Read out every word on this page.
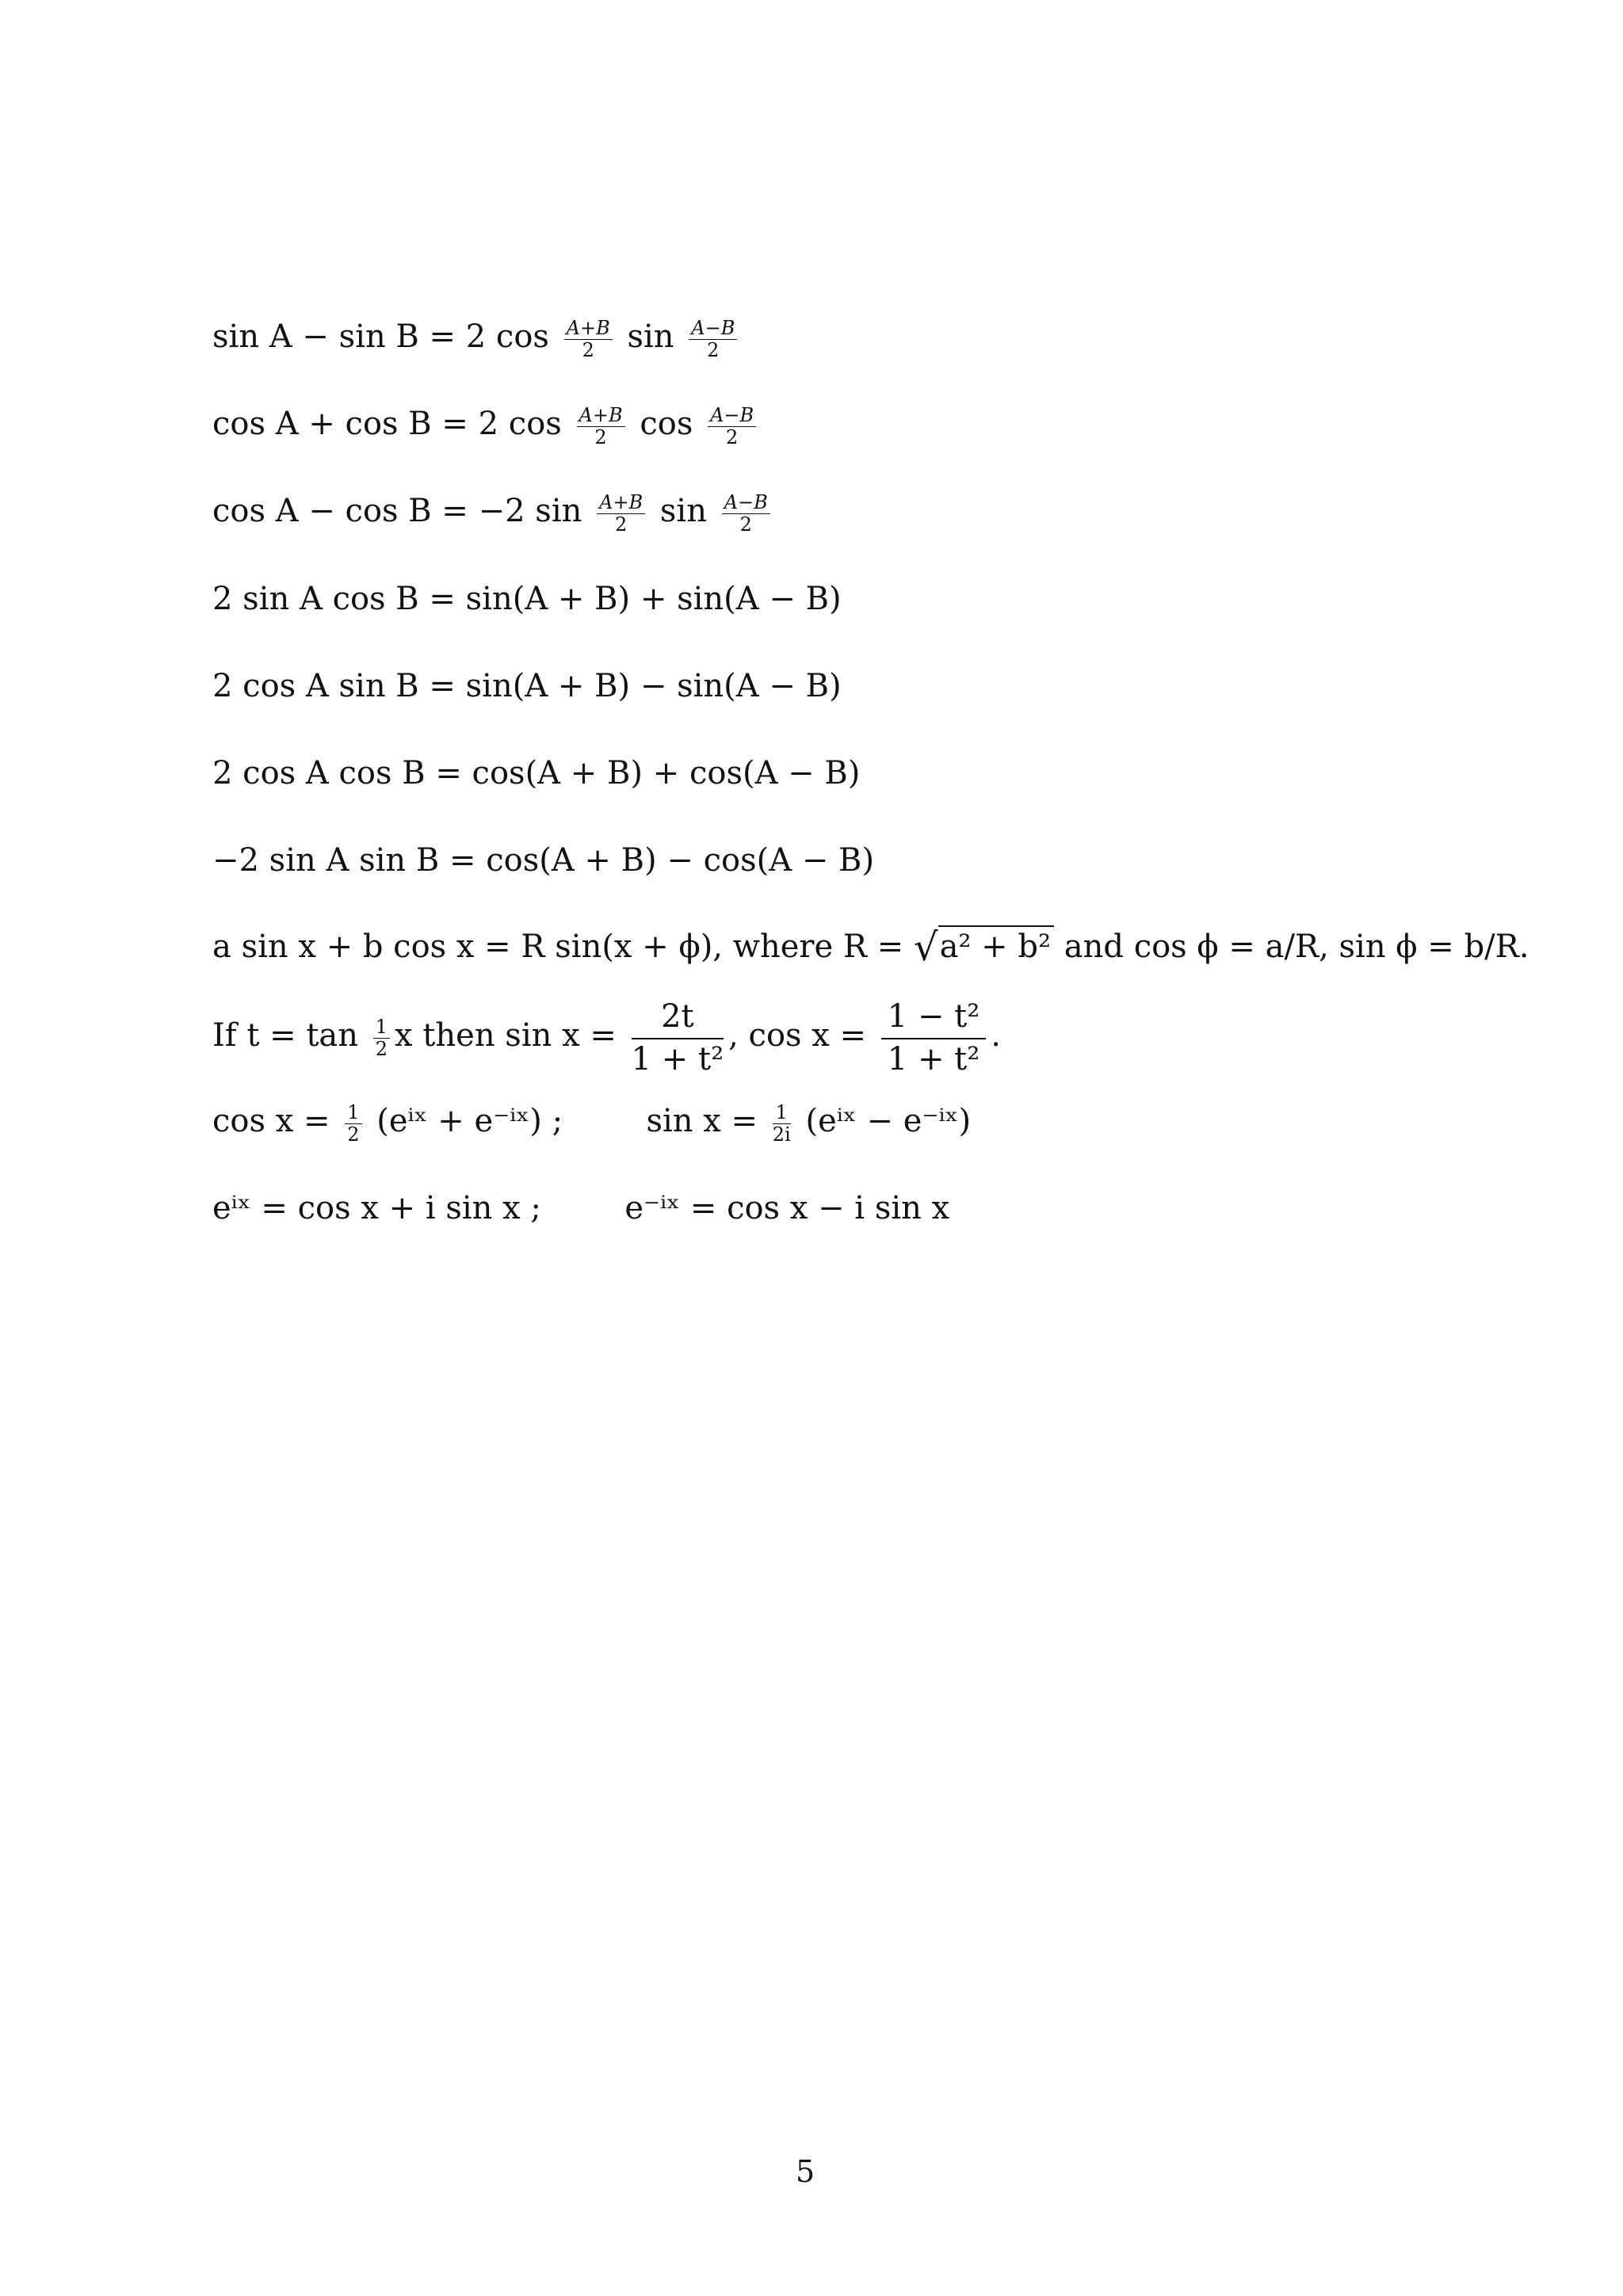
sin A − sin B = 2 $\cos \frac{A+B}{2}$ $\sin \frac{A-B}{2}$
cos A + cos B = 2 $\cos \frac{A+B}{2}$ $\cos \frac{A-B}{2}$
cos A − cos B = −2 $\sin \frac{A+B}{2}$ $\sin \frac{A-B}{2}$
2 sin A cos B = sin(A + B) + sin(A − B)
2 cos A sin B = sin(A + B) − sin(A − B)
2 cos A cos B = cos(A + B) + cos(A − B)
−2 sin A sin B = cos(A + B) − cos(A − B)
a sin x + b cos x = R sin(x + ϕ), where R = √a² + b² and cos ϕ = a/R, sin ϕ = b/R.
If $t = \tan \frac{1}{2}$ x then $\sin x = \frac{2t}{\text{1 + t²}}$ , $\cos x = \frac{\text{1 − t²}}{\text{1 + t²}}$ .
$\cos x = \frac{1}{2}$ (eⁱˣ + e⁻ⁱˣ) ;	$\sin x = \frac{1}{2i}$ (eⁱˣ − e⁻ⁱˣ)
eⁱˣ = cos x + i sin x ;	e⁻ⁱˣ = cos x − i sin x
5
